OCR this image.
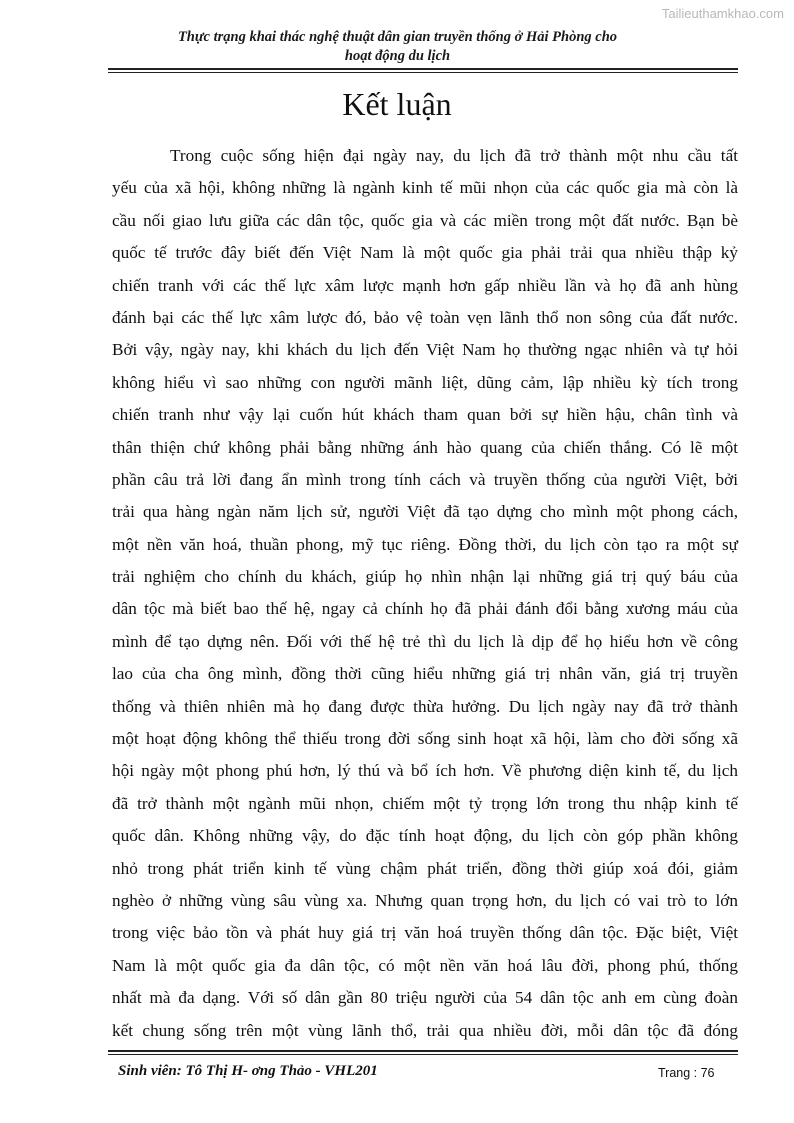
Tailieuthamkhao.com
Thực trạng khai thác nghệ thuật dân gian truyền thống ở Hải Phòng cho
hoạt động du lịch
Kết luận
Trong cuộc sống hiện đại ngày nay, du lịch đã trở thành một nhu cầu tất
yếu của xã hội, không những là ngành kinh tế mũi nhọn của các quốc gia mà còn là
cầu nối giao lưu giữa các dân tộc, quốc gia và các miền trong một đất nước. Bạn bè
quốc tế trước đây biết đến Việt Nam là một quốc gia phải trải qua nhiều thập kỷ
chiến tranh với các thế lực xâm lược mạnh hơn gấp nhiều lần và họ đã anh hùng
đánh bại các thế lực xâm lược đó, bảo vệ toàn vẹn lãnh thổ non sông của đất nước.
Bởi vậy, ngày nay, khi khách du lịch đến Việt Nam họ thường ngạc nhiên và tự hỏi
không hiểu vì sao những con người mãnh liệt, dũng cảm, lập nhiều kỳ tích trong
chiến tranh như vậy lại cuốn hút khách tham quan bởi sự hiền hậu, chân tình và
thân thiện chứ không phải bằng những ánh hào quang của chiến thắng. Có lẽ một
phần câu trả lời đang ẩn mình trong tính cách và truyền thống của người Việt, bởi
trải qua hàng ngàn năm lịch sử, người Việt đã tạo dựng cho mình một phong cách,
một nền văn hoá, thuần phong, mỹ tục riêng. Đồng thời, du lịch còn tạo ra một sự
trải nghiệm cho chính du khách, giúp họ nhìn nhận lại những giá trị quý báu của
dân tộc mà biết bao thế hệ, ngay cả chính họ đã phải đánh đổi bằng xương máu của
mình để tạo dựng nên. Đối với thế hệ trẻ thì du lịch là dịp để họ hiểu hơn về công
lao của cha ông mình, đồng thời cũng hiểu những giá trị nhân văn, giá trị truyền
thống và thiên nhiên mà họ đang được thừa hưởng. Du lịch ngày nay đã trở thành
một hoạt động không thể thiếu trong đời sống sinh hoạt xã hội, làm cho đời sống xã
hội ngày một phong phú hơn, lý thú và bổ ích hơn. Về phương diện kinh tế, du lịch
đã trở thành một ngành mũi nhọn, chiếm một tỷ trọng lớn trong thu nhập kinh tế
quốc dân. Không những vậy, do đặc tính hoạt động, du lịch còn góp phần không
nhỏ trong phát triển kinh tế vùng chậm phát triển, đồng thời giúp xoá đói, giảm
nghèo ở những vùng sâu vùng xa. Nhưng quan trọng hơn, du lịch có vai trò to lớn
trong việc bảo tồn và phát huy giá trị văn hoá truyền thống dân tộc. Đặc biệt, Việt
Nam là một quốc gia đa dân tộc, có một nền văn hoá lâu đời, phong phú, thống
nhất mà đa dạng. Với số dân gần 80 triệu người của 54 dân tộc anh em cùng đoàn
kết chung sống trên một vùng lãnh thổ, trải qua nhiều đời, mỗi dân tộc đã đóng
Sinh viên: Tô Thị H- ơng Thảo - VHL201	Trang : 76
